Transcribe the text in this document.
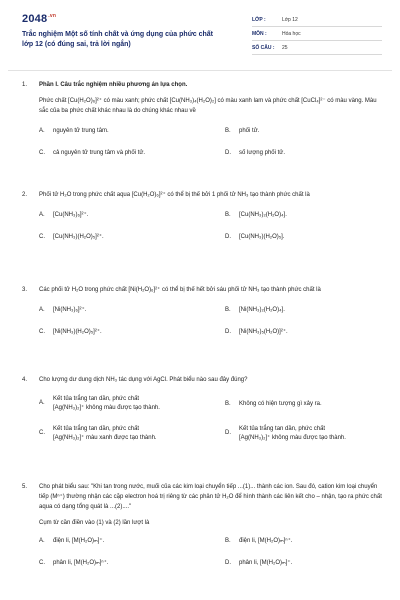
$2048^{.vn}$
Trắc nghiệm Một số tính chất và ứng dụng của phức chất
lớp 12 (có đúng sai, trả lời ngắn)
LỚP :	Lớp 12
MÔN :	Hóa học
SỐ CÂU :	25
1.	Phần I. Câu trắc nghiệm nhiều phương án lựa chọn.
Phức chất [Cu(H₂O)₆]²⁺ có màu xanh; phức chất [Cu(NH₃)₄(H₂O)₂] có màu xanh lam và phức chất [CuCl₄]²⁻ có màu vàng. Màu sắc của ba phức chất khác nhau là do chúng khác nhau về
A. nguyên tử trung tâm.	B. phối tử.
C. cả nguyên tử trung tâm và phối tử.	D. số lượng phối tử.
2.	Phối tử H₂O trong phức chất aqua [Cu(H₂O)₆]²⁺ có thể bị thế bởi 1 phối tử NH₃ tạo thành phức chất là
A. [Cu(NH₃)₆]²⁺.	B. [Cu(NH₃)₂(H₂O)₄].
C. [Cu(NH₃)(H₂O)₅]²⁺.	D. [Cu(NH₃)(H₂O)₅].
3.	Các phối tử H₂O trong phức chất [Ni(H₂O)₆]²⁺ có thể bị thế hết bởi sáu phối tử NH₃ tạo thành phức chất là
A. [Ni(NH₃)₆]²⁺.	B. [Ni(NH₃)₂(H₂O)₄].
C. [Ni(NH₃)(H₂O)₅]²⁺.	D. [Ni(NH₃)₅(H₂O)]²⁺.
4.	Cho lượng dư dung dịch NH₃ tác dụng với AgCl. Phát biểu nào sau đây đúng?
A.
Kết tủa trắng tan dần, phức chất
[Ag(NH₃)₂]⁺ không màu được tạo thành.
B. Không có hiện tượng gì xảy ra.
C.
Kết tủa trắng tan dần, phức chất
[Ag(NH₃)₂]⁺ màu xanh được tạo thành.
D.
Kết tủa trắng tan dần, phức chất
[Ag(NH₃)₂]⁺ không màu được tạo thành.
5.	Cho phát biểu sau: "Khi tan trong nước, muối của các kim loại chuyển tiếp ...(1)... thành các ion. Sau đó, cation kim loại chuyển tiếp (Mⁿ⁺) thường nhận các cặp electron hoá trị riêng từ các phân tử H₂O để hình thành các liên kết cho – nhận, tạo ra phức chất aqua có dạng tổng quát là ...(2)...."
Cụm từ cần điền vào (1) và (2) lần lượt là
A. điện li, [M(H₂O)ₘ]⁺.	B. điện li, [M(H₂O)ₘ]ⁿ⁺.
C. phân li, [M(H₂O)ₘ]ⁿ⁺.	D. phân li, [M(H₂O)ₘ]⁺.
